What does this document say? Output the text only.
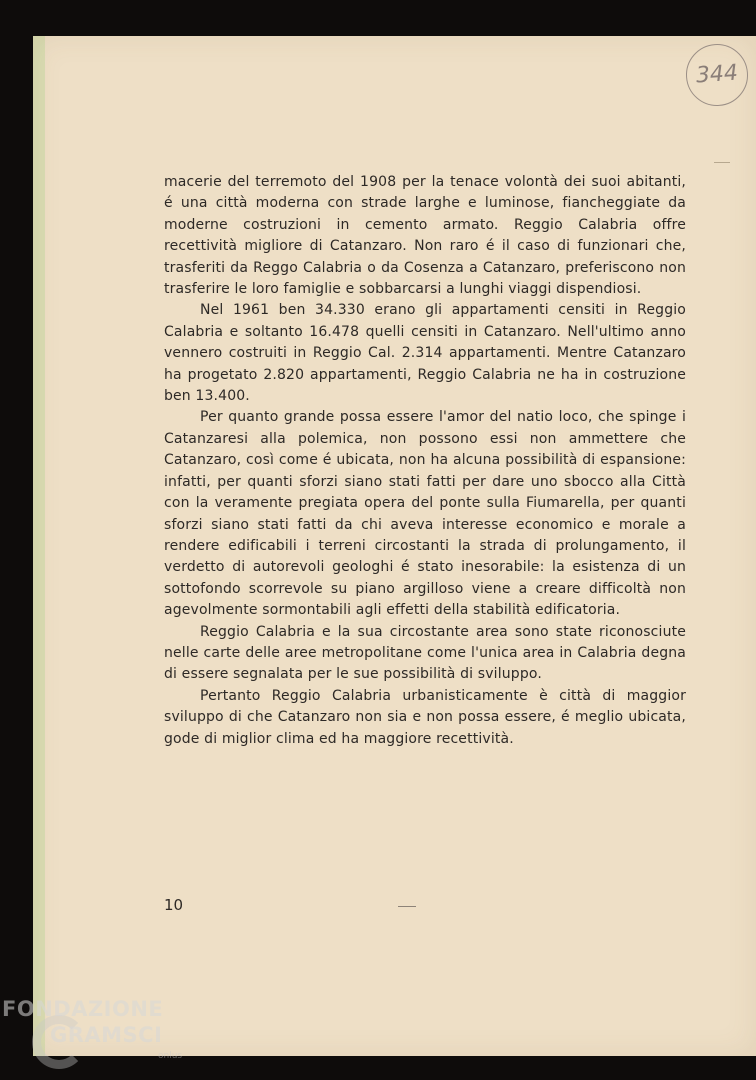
344

macerie del terremoto del 1908 per la tenace volontà dei suoi abitanti, é una città moderna con strade larghe e luminose, fiancheggiate da moderne costruzioni in cemento armato. Reggio Calabria offre recettività migliore di Catanzaro. Non raro é il caso di funzionari che, trasferiti da Reggo Calabria o da Cosenza a Catanzaro, preferiscono non trasferire le loro famiglie e sobbarcarsi a lunghi viaggi dispendiosi.

Nel 1961 ben 34.330 erano gli appartamenti censiti in Reggio Calabria e soltanto 16.478 quelli censiti in Catanzaro. Nell'ultimo anno vennero costruiti in Reggio Cal. 2.314 appartamenti. Mentre Catanzaro ha progetato 2.820 appartamenti, Reggio Calabria ne ha in costruzione ben 13.400.

Per quanto grande possa essere l'amor del natio loco, che spinge i Catanzaresi alla polemica, non possono essi non ammettere che Catanzaro, così come é ubicata, non ha alcuna possibilità di espansione: infatti, per quanti sforzi siano stati fatti per dare uno sbocco alla Città con la veramente pregiata opera del ponte sulla Fiumarella, per quanti sforzi siano stati fatti da chi aveva interesse economico e morale a rendere edificabili i terreni circostanti la strada di prolungamento, il verdetto di autorevoli geologhi é stato inesorabile: la esistenza di un sottofondo scorrevole su piano argilloso viene a creare difficoltà non agevolmente sormontabili agli effetti della stabilità edificatoria.

Reggio Calabria e la sua circostante area sono state riconosciute nelle carte delle aree metropolitane come l'unica area in Calabria degna di essere segnalata per le sue possibilità di sviluppo.

Pertanto Reggio Calabria urbanisticamente è città di maggior sviluppo di che Catanzaro non sia e non possa essere, é meglio ubicata, gode di miglior clima ed ha maggiore recettività.

10
FONDAZIONE
GRAMSCI
onlus
